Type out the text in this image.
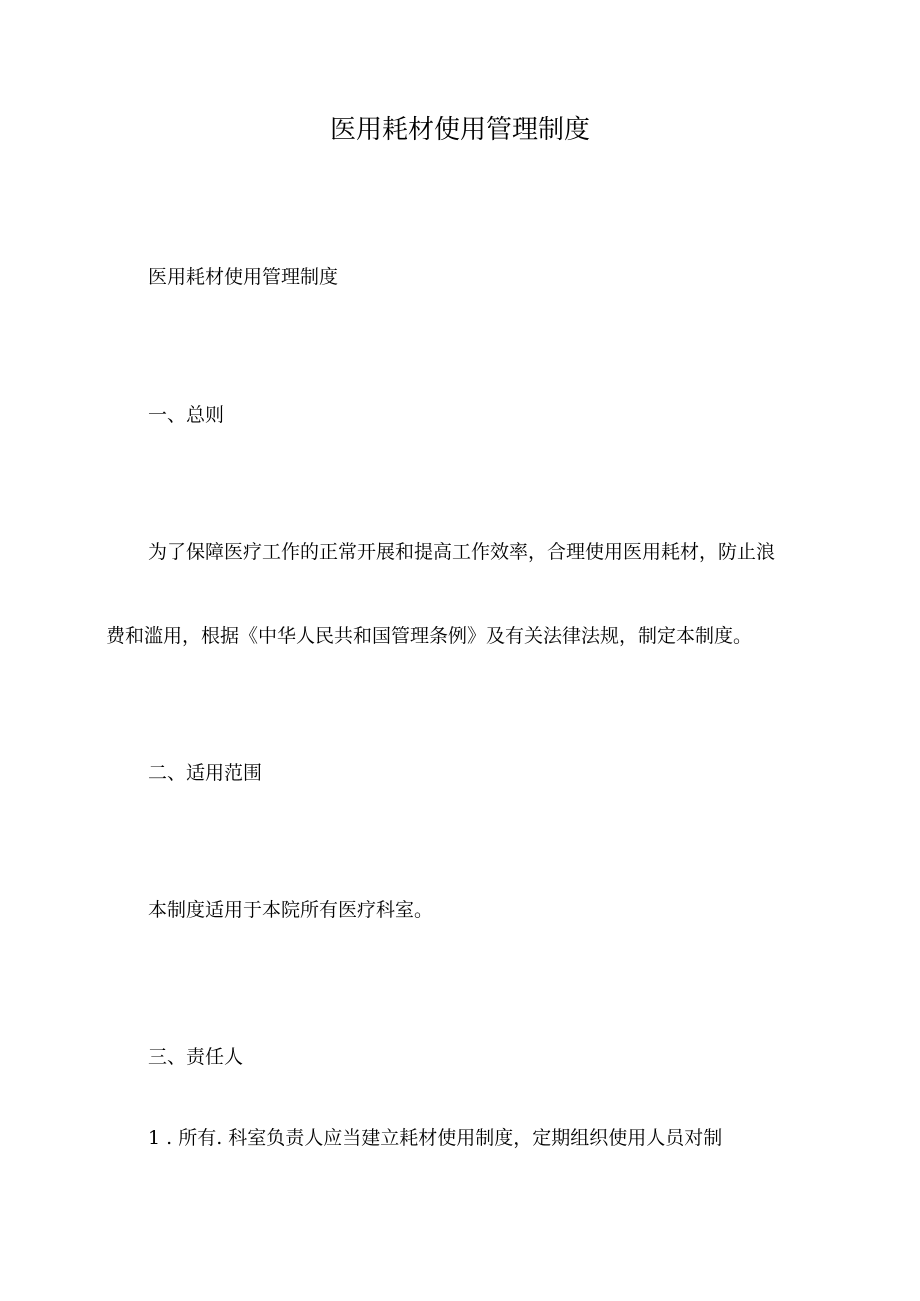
医用耗材使用管理制度

医用耗材使用管理制度

一、总则

为了保障医疗工作的正常开展和提高工作效率，合理使用医用耗材，防止浪

费和滥用，根据《中华人民共和国管理条例》及有关法律法规，制定本制度。

二、适用范围

本制度适用于本院所有医疗科室。

三、责任人

1 . 所有. 科室负责人应当建立耗材使用制度，定期组织使用人员对制
